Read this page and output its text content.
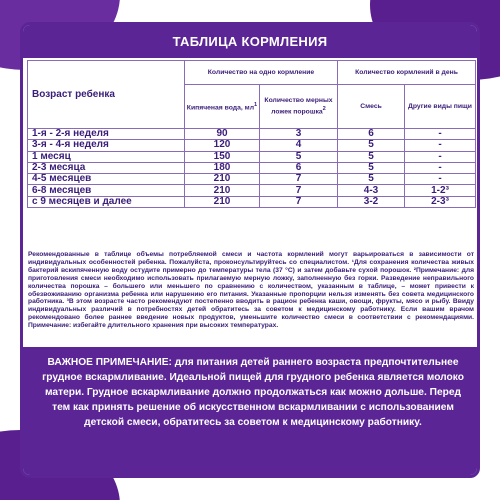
ТАБЛИЦА КОРМЛЕНИЯ
Возраст ребенка	Количество на одно кормление		Количество кормлений в день	
	Кипяченая вода, $мл^1$	Количество мерных ложек порошка$^2$	Смесь	Другие виды пищи
1-я - 2-я неделя	90	3	6	-
3-я - 4-я неделя	120	4	5	-
1 месяц	150	5	5	-
2-3 месяца	180	6	5	-
4-5 месяцев	210	7	5	-
6-8 месяцев	210	7	4-3	1-2³
с 9 месяцев и далее	210	7	3-2	2-3³
Рекомендованные в таблице объемы потребляемой смеси и частота кормлений могут варьироваться в зависимости от индивидуальных особенностей ребенка. Пожалуйста, проконсультируйтесь со специалистом. ¹Для сохранения количества живых бактерий вскипяченную воду остудите примерно до температуры тела (37 °C) и затем добавьте сухой порошок. ²Примечание: для приготовления смеси необходимо использовать прилагаемую мерную ложку, заполненную без горки. Разведение неправильного количества порошка – большего или меньшего по сравнению с количеством, указанным в таблице, – может привести к обезвоживанию организма ребенка или нарушению его питания. Указанные пропорции нельзя изменять без совета медицинского работника. ³В этом возрасте часто рекомендуют постепенно вводить в рацион ребенка каши, овощи, фрукты, мясо и рыбу. Ввиду индивидуальных различий в потребностях детей обратитесь за советом к медицинскому работнику. Если вашим врачом рекомендовано более раннее введение новых продуктов, уменьшите количество смеси в соответствии с рекомендациями. Примечание: избегайте длительного хранения при высоких температурах.
ВАЖНОЕ ПРИМЕЧАНИЕ: для питания детей раннего возраста предпочтительнее грудное вскармливание. Идеальной пищей для грудного ребенка является молоко матери. Грудное вскармливание должно продолжаться как можно дольше. Перед тем как принять решение об искусственном вскармливании с использованием детской смеси, обратитесь за советом к медицинскому работнику.
